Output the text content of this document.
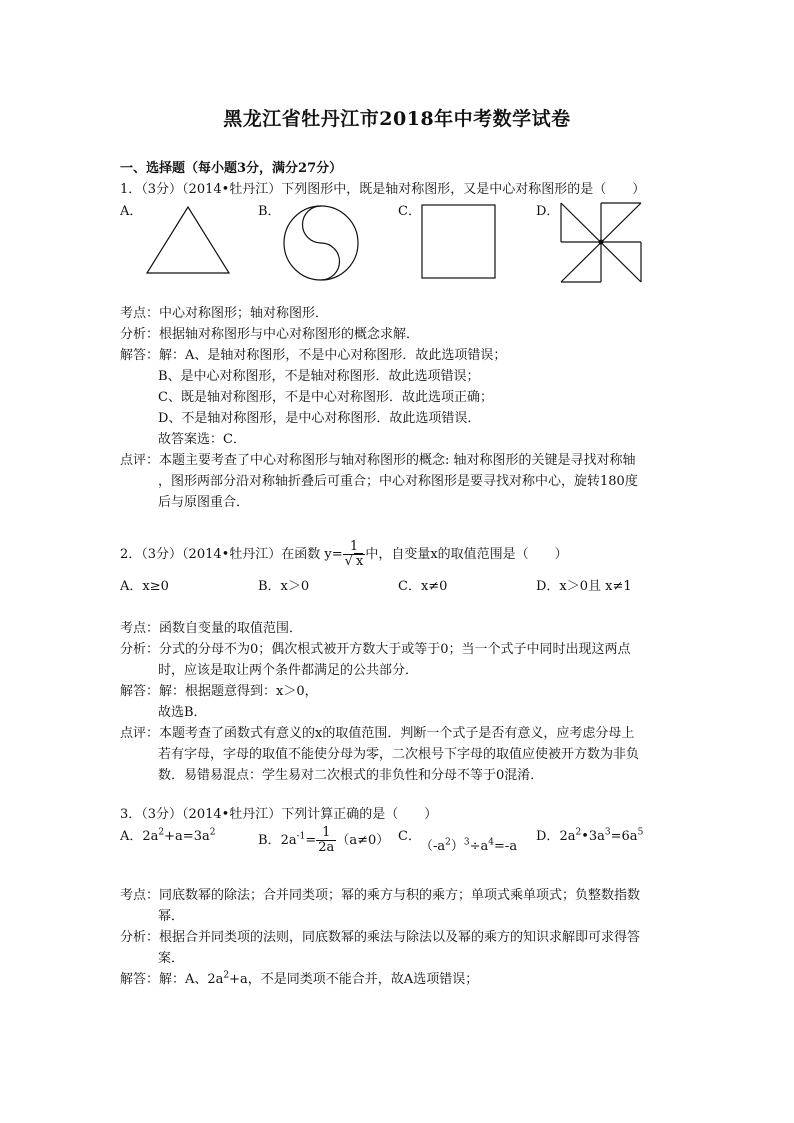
黑龙江省牡丹江市2018年中考数学试卷
一、选择题（每小题3分，满分27分）
1．（3分）（2014•牡丹江）下列图形中，既是轴对称图形，又是中心对称图形的是（　　）
A．	B．	C．	D．
考点：中心对称图形；轴对称图形．
分析：根据轴对称图形与中心对称图形的概念求解．
解答：解：A、是轴对称图形，不是中心对称图形．故此选项错误；
B、是中心对称图形，不是轴对称图形．故此选项错误；
C、既是轴对称图形，不是中心对称图形．故此选项正确；
D、不是轴对称图形，是中心对称图形．故此选项错误．
故答案选：C．
点评：本题主要考查了中心对称图形与轴对称图形的概念: 轴对称图形的关键是寻找对称轴
，图形两部分沿对称轴折叠后可重合；中心对称图形是要寻找对称中心，旋转180度
后与原图重合．
2．（3分）（2014•牡丹江）在函数 $y= \frac{1}{√ x}$ 中，自变量x的取值范围是（　　）
A．x≥0	B．x＞0	C．x≠0	D．x＞0且 x≠1
考点：函数自变量的取值范围．
分析：分式的分母不为0；偶次根式被开方数大于或等于0；当一个式子中同时出现这两点
时，应该是取让两个条件都满足的公共部分．
解答：解：根据题意得到：x＞0，
故选B．
点评：本题考查了函数式有意义的x的取值范围．判断一个式子是否有意义，应考虑分母上
若有字母，字母的取值不能使分母为零，二次根号下字母的取值应使被开方数为非负
数．易错易混点：学生易对二次根式的非负性和分母不等于0混淆．
3．（3分）（2014•牡丹江）下列计算正确的是（　　）
A．$2a^2+a=3a^2$
B．$2a^{-1}= \frac{1}{2a} (a\ne 0)$ C．
$(-a^2)^3\div a^4=-a$
D．$2a^2•3a^3=6a^5$
考点：同底数幂的除法；合并同类项；幂的乘方与积的乘方；单项式乘单项式；负整数指数
幂．
分析：根据合并同类项的法则，同底数幂的乘法与除法以及幂的乘方的知识求解即可求得答
案．
解答：解：A、$2a^2+a$，不是同类项不能合并，故A选项错误；
